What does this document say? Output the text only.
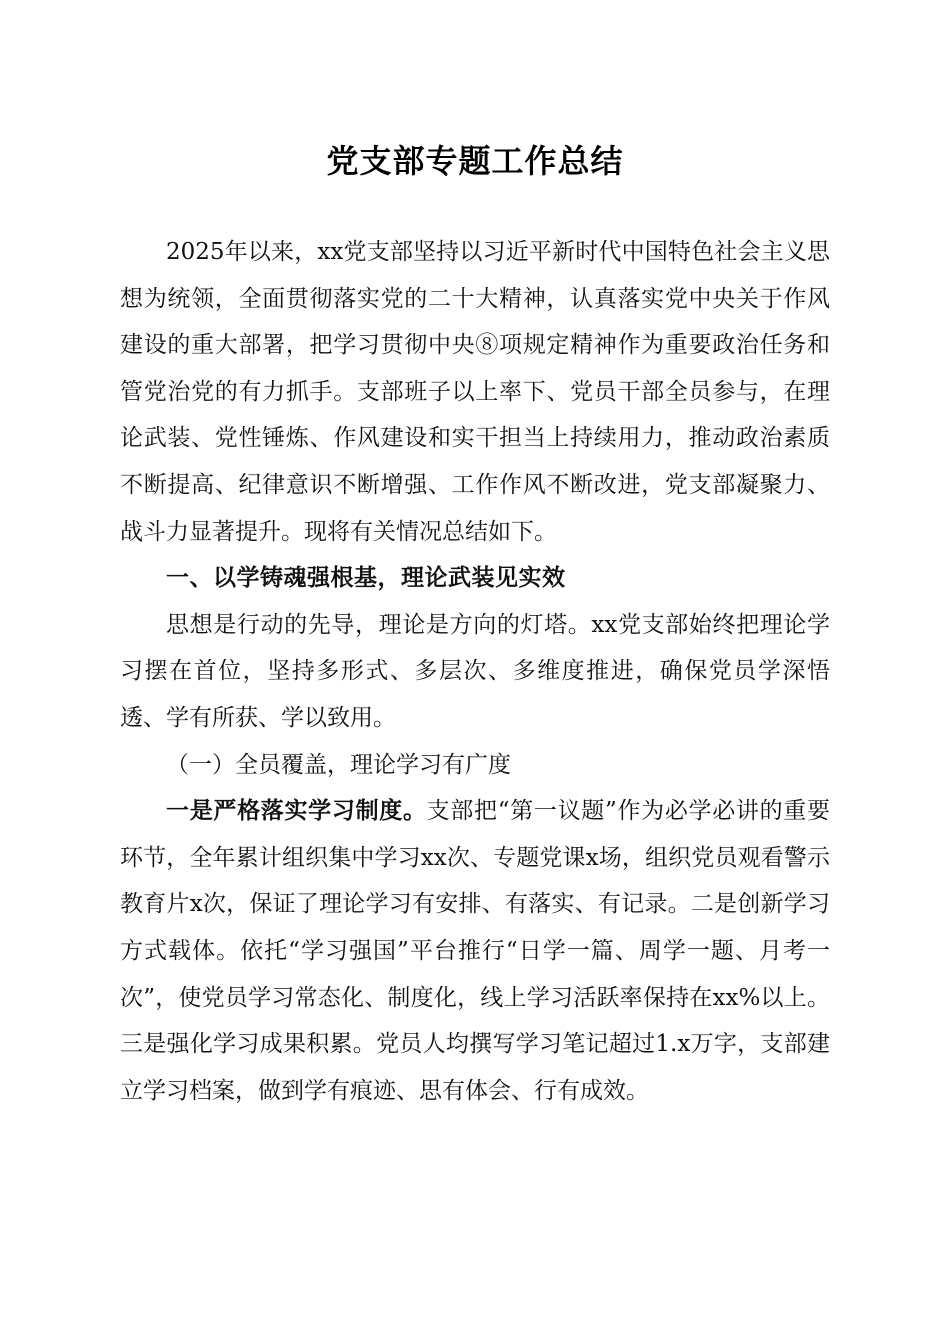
党支部专题工作总结

2025年以来，xx党支部坚持以习近平新时代中国特色社会主义思想为统领，全面贯彻落实党的二十大精神，认真落实党中央关于作风建设的重大部署，把学习贯彻中央⑧项规定精神作为重要政治任务和管党治党的有力抓手。支部班子以上率下、党员干部全员参与，在理论武装、党性锤炼、作风建设和实干担当上持续用力，推动政治素质不断提高、纪律意识不断增强、工作作风不断改进，党支部凝聚力、战斗力显著提升。现将有关情况总结如下。

一、以学铸魂强根基，理论武装见实效

思想是行动的先导，理论是方向的灯塔。xx党支部始终把理论学习摆在首位，坚持多形式、多层次、多维度推进，确保党员学深悟透、学有所获、学以致用。

（一）全员覆盖，理论学习有广度

一是严格落实学习制度。支部把“第一议题”作为必学必讲的重要环节，全年累计组织集中学习xx次、专题党课x场，组织党员观看警示教育片x次，保证了理论学习有安排、有落实、有记录。二是创新学习方式载体。依托“学习强国”平台推行“日学一篇、周学一题、月考一次”，使党员学习常态化、制度化，线上学习活跃率保持在xx%以上。三是强化学习成果积累。党员人均撰写学习笔记超过1.x万字，支部建立学习档案，做到学有痕迹、思有体会、行有成效。
